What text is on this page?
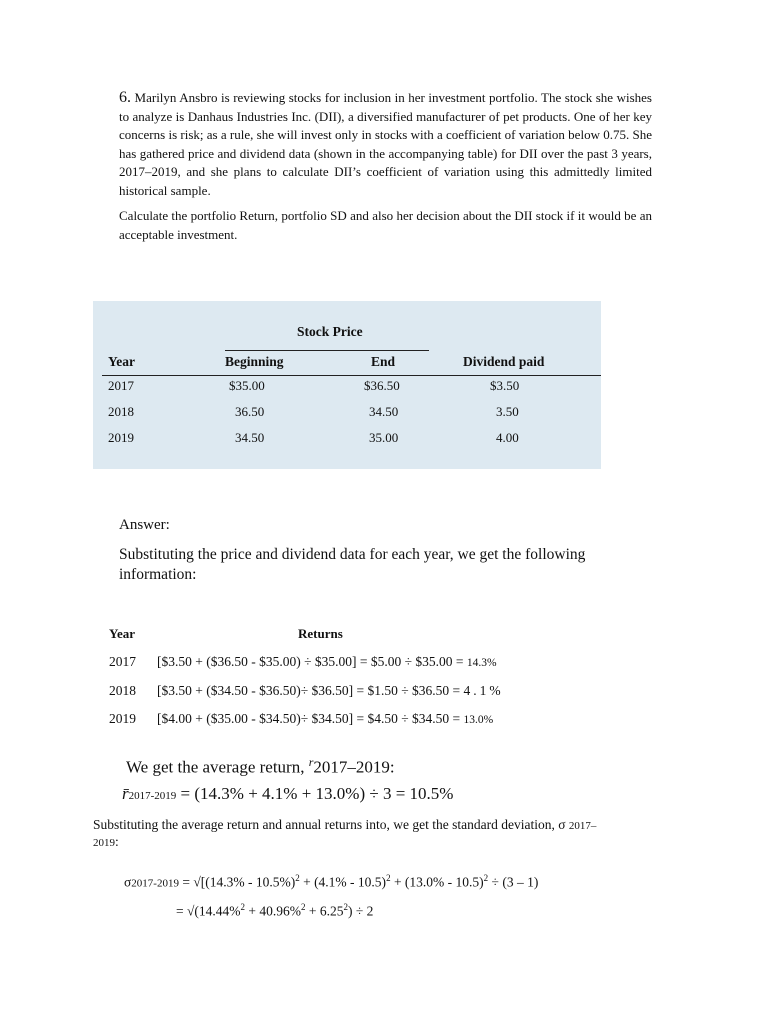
6. Marilyn Ansbro is reviewing stocks for inclusion in her investment portfolio. The stock she wishes to analyze is Danhaus Industries Inc. (DII), a diversified manufacturer of pet products. One of her key concerns is risk; as a rule, she will invest only in stocks with a coefficient of variation below 0.75. She has gathered price and dividend data (shown in the accompanying table) for DII over the past 3 years, 2017–2019, and she plans to calculate DII’s coefficient of variation using this admittedly limited historical sample.

Calculate the portfolio Return, portfolio SD and also her decision about the DII stock if it would be an acceptable investment.

Stock Price
Year	Beginning	End	Dividend paid
2017	$35.00	$36.50	$3.50
2018	36.50	34.50	3.50
2019	34.50	35.00	4.00
Answer:
Substituting the price and dividend data for each year, we get the following information:
Year	Returns
2017 [$3.50 + ($36.50 - $35.00) ÷ $35.00] = $5.00 ÷ $35.00 = 14.3%
2018 [$3.50 + ($34.50 - $36.50)÷ $36.50] = $1.50 ÷ $36.50 = 4.1%
2019 [$4.00 + ($35.00 - $34.50)÷ $34.50] = $4.50 ÷ $34.50 = 13.0%
We get the average return, $^r$2017–2019:
r̄2017-2019 = (14.3% + 4.1% + 13.0%) ÷ 3 = 10.5%
Substituting the average return and annual returns into, we get the standard deviation, σ 2017–2019:
σ2017-2019 = √[(14.3% - 10.5%)$^2$ + (4.1% - 10.5)$^2$ + (13.0% - 10.5)$^2$ ÷ (3 – 1)
= $√(14.44\%^2 + 40.96\%^2 + 6.25^2) \div 2$
